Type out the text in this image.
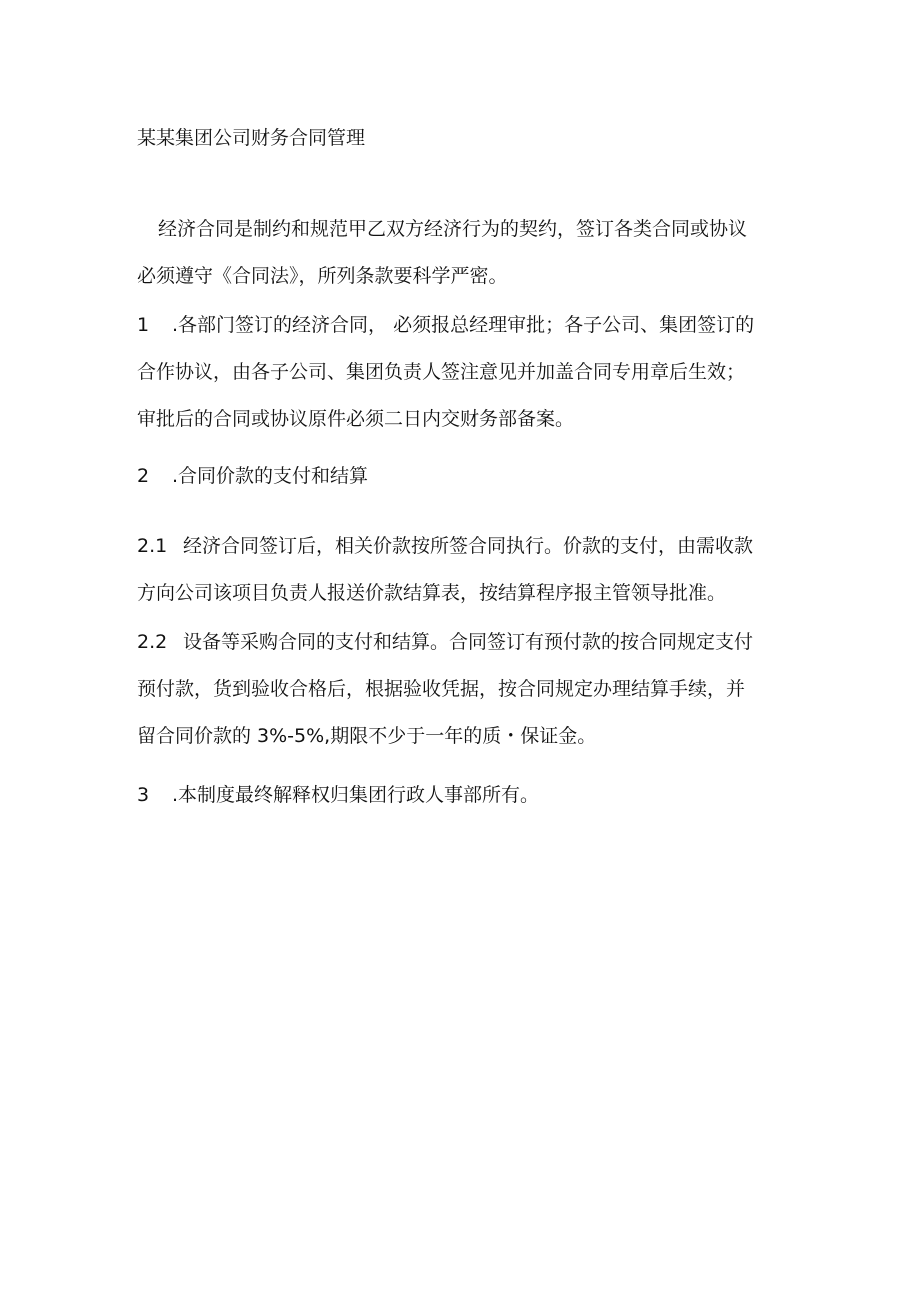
某某集团公司财务合同管理
经济合同是制约和规范甲乙双方经济行为的契约，签订各类合同或协议
必须遵守《合同法》，所列条款要科学严密。
1 .各部门签订的经济合同， 必须报总经理审批；各子公司、集团签订的
合作协议，由各子公司、集团负责人签注意见并加盖合同专用章后生效；
审批后的合同或协议原件必须二日内交财务部备案。
2 .合同价款的支付和结算
2.1 经济合同签订后，相关价款按所签合同执行。价款的支付，由需收款
方向公司该项目负责人报送价款结算表，按结算程序报主管领导批准。
2.2 设备等采购合同的支付和结算。合同签订有预付款的按合同规定支付
预付款，货到验收合格后，根据验收凭据，按合同规定办理结算手续，并
留合同价款的 3%-5%,期限不少于一年的质・保证金。
3 .本制度最终解释权归集团行政人事部所有。
